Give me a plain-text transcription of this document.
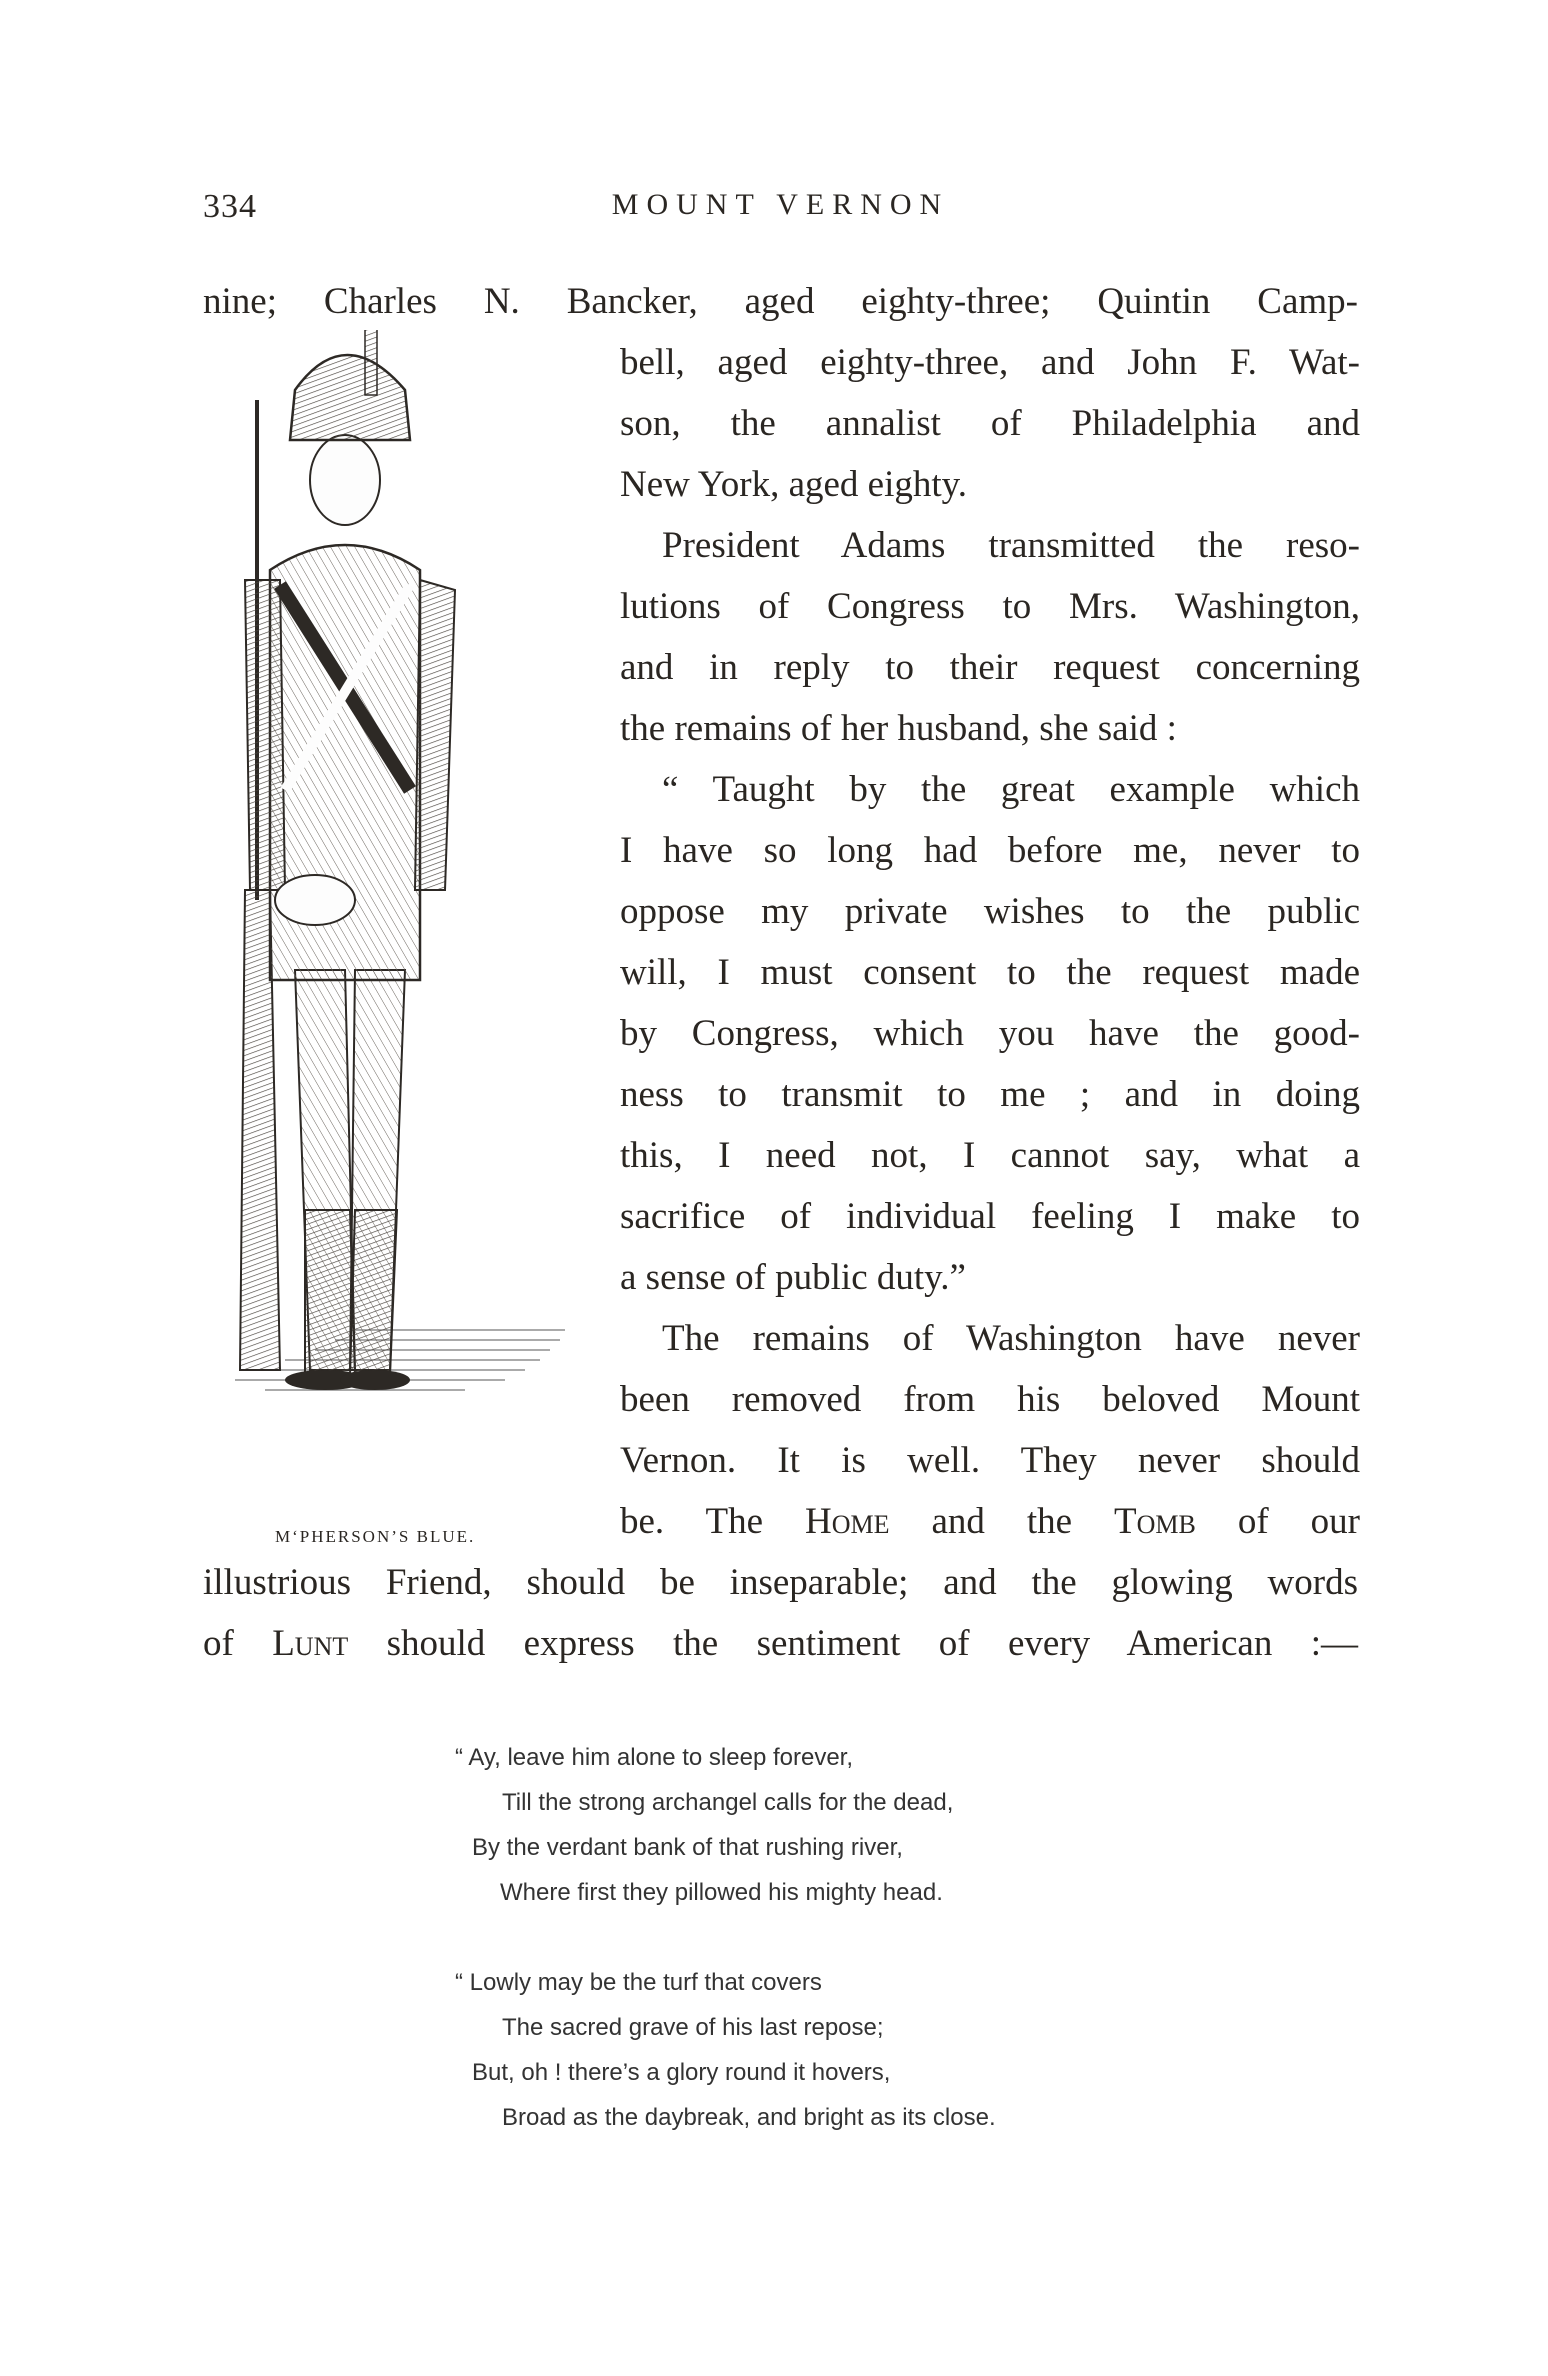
334	MOUNT VERNON
nine; Charles N. Bancker, aged eighty-three; Quintin Camp-
bell, aged eighty-three, and John F. Wat-
son, the annalist of Philadelphia and
New York, aged eighty.
President Adams transmitted the reso-
lutions of Congress to Mrs. Washington,
and in reply to their request concerning
the remains of her husband, she said :
“ Taught by the great example which
I have so long had before me, never to
oppose my private wishes to the public
will, I must consent to the request made
by Congress, which you have the good-
ness to transmit to me ; and in doing
this, I need not, I cannot say, what a
sacrifice of individual feeling I make to
a sense of public duty.”
The remains of Washington have never
been removed from his beloved Mount
Vernon. It is well. They never should
be. The Home and the Tomb of our
illustrious Friend, should be inseparable; and the glowing words
of Lunt should express the sentiment of every American :—
M‘PHERSON’S BLUE.
“ Ay, leave him alone to sleep forever,
Till the strong archangel calls for the dead,
By the verdant bank of that rushing river,
Where first they pillowed his mighty head.
“ Lowly may be the turf that covers
The sacred grave of his last repose;
But, oh ! there’s a glory round it hovers,
Broad as the daybreak, and bright as its close.
